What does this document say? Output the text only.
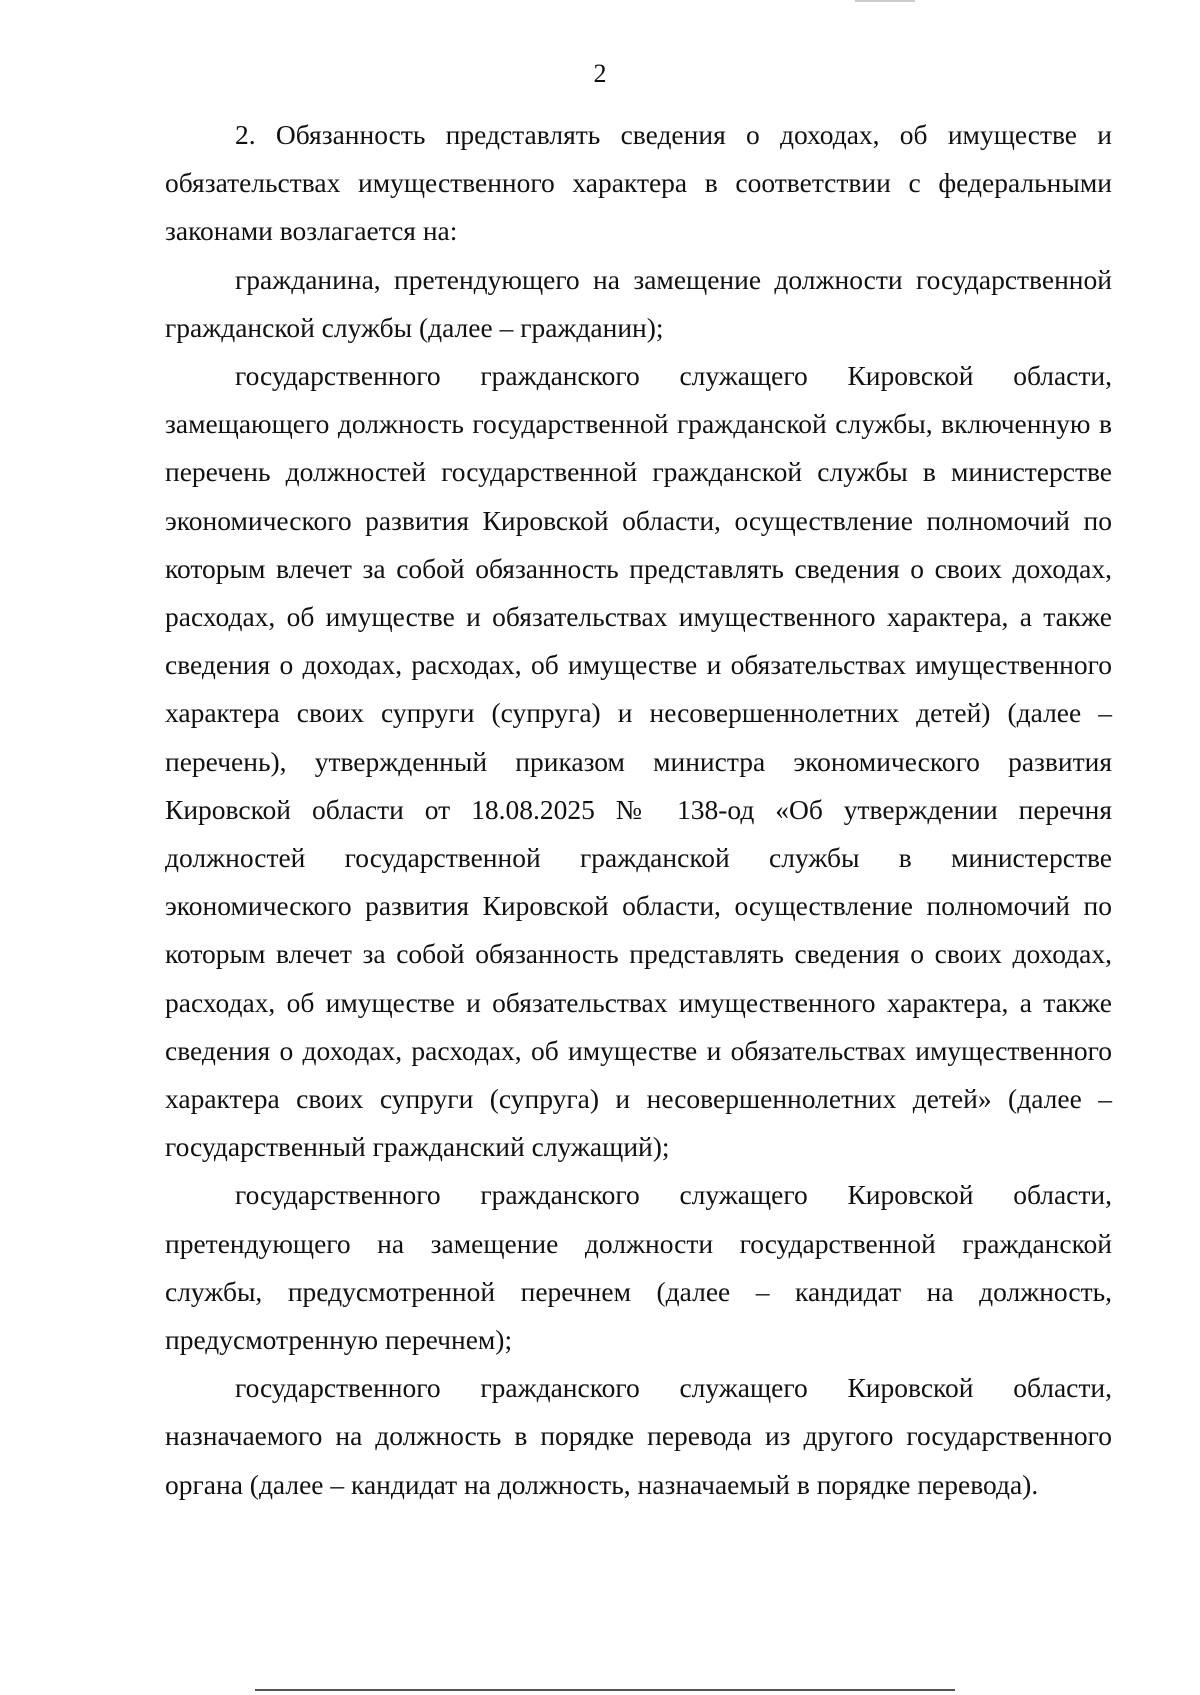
2

2. Обязанность представлять сведения о доходах, об имуществе и обязательствах имущественного характера в соответствии с федеральными законами возлагается на:

гражданина, претендующего на замещение должности государственной гражданской службы (далее – гражданин);

государственного гражданского служащего Кировской области, замещающего должность государственной гражданской службы, включенную в перечень должностей государственной гражданской службы в министерстве экономического развития Кировской области, осуществление полномочий по которым влечет за собой обязанность представлять сведения о своих доходах, расходах, об имуществе и обязательствах имущественного характера, а также сведения о доходах, расходах, об имуществе и обязательствах имущественного характера своих супруги (супруга) и несовершеннолетних детей) (далее – перечень), утвержденный приказом министра экономического развития Кировской области от 18.08.2025 № 138-од «Об утверждении перечня должностей государственной гражданской службы в министерстве экономического развития Кировской области, осуществление полномочий по которым влечет за собой обязанность представлять сведения о своих доходах, расходах, об имуществе и обязательствах имущественного характера, а также сведения о доходах, расходах, об имуществе и обязательствах имущественного характера своих супруги (супруга) и несовершеннолетних детей» (далее – государственный гражданский служащий);

государственного гражданского служащего Кировской области, претендующего на замещение должности государственной гражданской службы, предусмотренной перечнем (далее – кандидат на должность, предусмотренную перечнем);

государственного гражданского служащего Кировской области, назначаемого на должность в порядке перевода из другого государственного органа (далее – кандидат на должность, назначаемый в порядке перевода).
